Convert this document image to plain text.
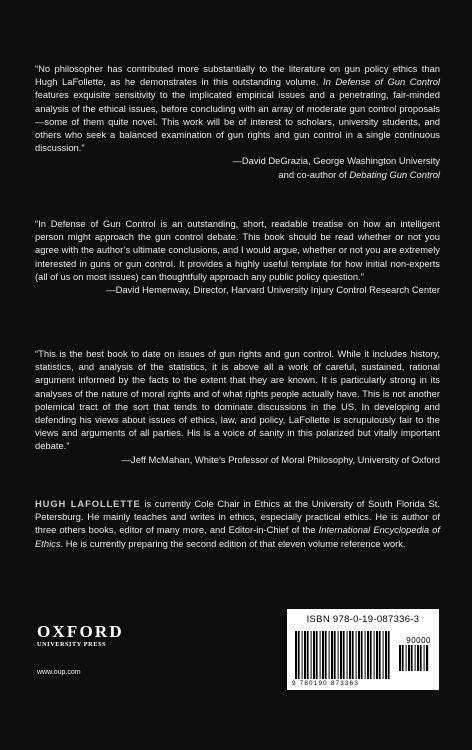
“No philosopher has contributed more substantially to the literature on gun policy ethics than Hugh LaFollette, as he demonstrates in this outstanding volume. In Defense of Gun Control features exquisite sensitivity to the implicated empirical issues and a penetrating, fair-minded analysis of the ethical issues, before concluding with an array of moderate gun control proposals—some of them quite novel. This work will be of interest to scholars, university students, and others who seek a balanced examination of gun rights and gun control in a single continuous discussion.”
—David DeGrazia, George Washington University
and co-author of Debating Gun Control
“In Defense of Gun Control is an outstanding, short, readable treatise on how an intelligent person might approach the gun control debate. This book should be read whether or not you agree with the author’s ultimate conclusions, and I would argue, whether or not you are extremely interested in guns or gun control. It provides a highly useful template for how initial non-experts (all of us on most issues) can thoughtfully approach any public policy question.”
—David Hemenway, Director, Harvard University Injury Control Research Center
“This is the best book to date on issues of gun rights and gun control. While it includes history, statistics, and analysis of the statistics, it is above all a work of careful, sustained, rational argument informed by the facts to the extent that they are known. It is particularly strong in its analyses of the nature of moral rights and of what rights people actually have. This is not another polemical tract of the sort that tends to dominate discussions in the US. In developing and defending his views about issues of ethics, law, and policy, LaFollette is scrupulously fair to the views and arguments of all parties. His is a voice of sanity in this polarized but vitally important debate.”
—Jeff McMahan, White’s Professor of Moral Philosophy, University of Oxford
HUGH LAFOLLETTE is currently Cole Chair in Ethics at the University of South Florida St. Petersburg. He mainly teaches and writes in ethics, especially practical ethics. He is author of three others books, editor of many more, and Editor-in-Chief of the International Encyclopedia of Ethics. He is currently preparing the second edition of that eleven volume reference work.
OXFORD
UNIVERSITY PRESS
www.oup.com
ISBN 978-0-19-087336-3
90000
9 780190 873363
